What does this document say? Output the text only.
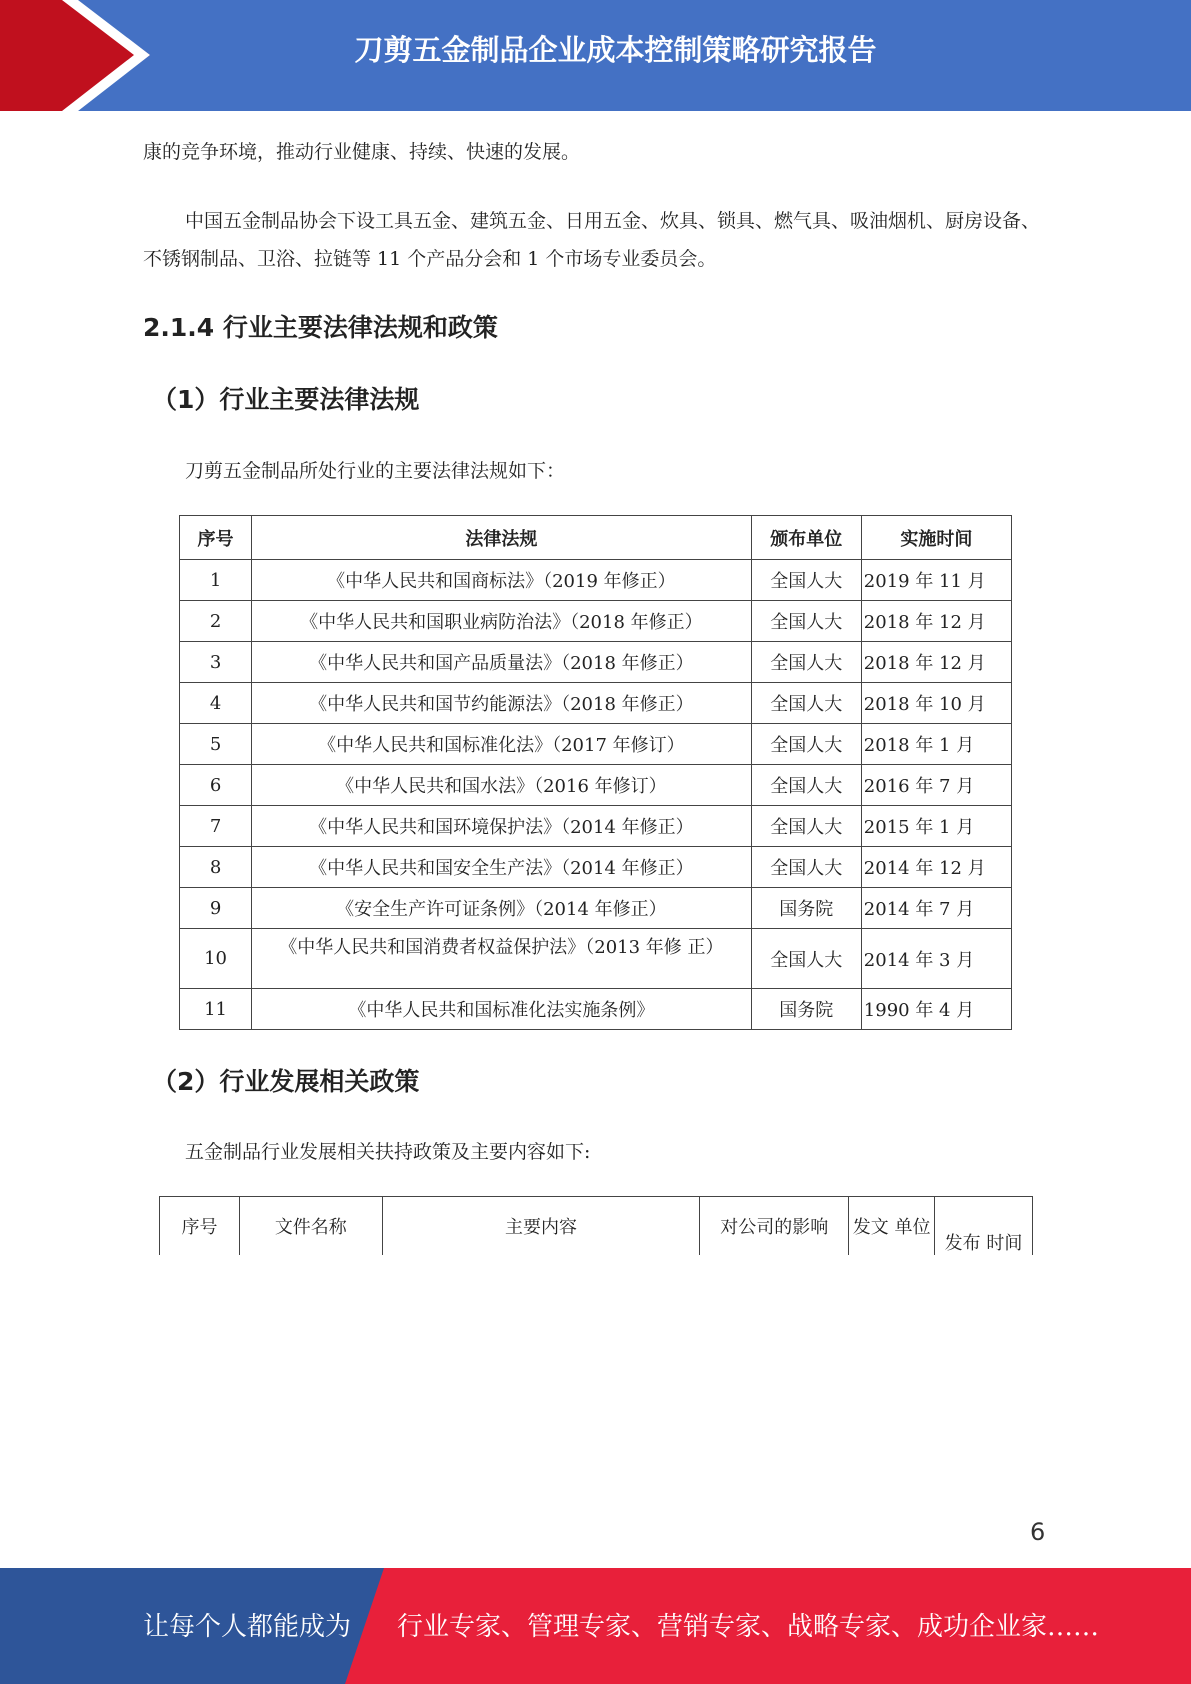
刀剪五金制品企业成本控制策略研究报告

康的竞争环境，推动行业健康、持续、快速的发展。

中国五金制品协会下设工具五金、建筑五金、日用五金、炊具、锁具、燃气具、吸油烟机、厨房设备、不锈钢制品、卫浴、拉链等 11 个产品分会和 1 个市场专业委员会。

2.1.4 行业主要法律法规和政策
（1）行业主要法律法规

刀剪五金制品所处行业的主要法律法规如下：

序号	法律法规	颁布单位	实施时间
1	《中华人民共和国商标法》（2019 年修正）	全国人大	2019 年 11 月
2	《中华人民共和国职业病防治法》（2018 年修正）	全国人大	2018 年 12 月
3	《中华人民共和国产品质量法》（2018 年修正）	全国人大	2018 年 12 月
4	《中华人民共和国节约能源法》（2018 年修正）	全国人大	2018 年 10 月
5	《中华人民共和国标准化法》（2017 年修订）	全国人大	2018 年 1 月
6	《中华人民共和国水法》（2016 年修订）	全国人大	2016 年 7 月
7	《中华人民共和国环境保护法》（2014 年修正）	全国人大	2015 年 1 月
8	《中华人民共和国安全生产法》（2014 年修正）	全国人大	2014 年 12 月
9	《安全生产许可证条例》（2014 年修正）	国务院	2014 年 7 月
10	《中华人民共和国消费者权益保护法》（2013 年修 正）	全国人大	2014 年 3 月
11	《中华人民共和国标准化法实施条例》	国务院	1990 年 4 月
（2）行业发展相关政策

五金制品行业发展相关扶持政策及主要内容如下:

序号	文件名称	主要内容	对公司的影响	发文 单位	发布 时间
6
让每个人都能成为 行业专家、管理专家、营销专家、战略专家、成功企业家……
